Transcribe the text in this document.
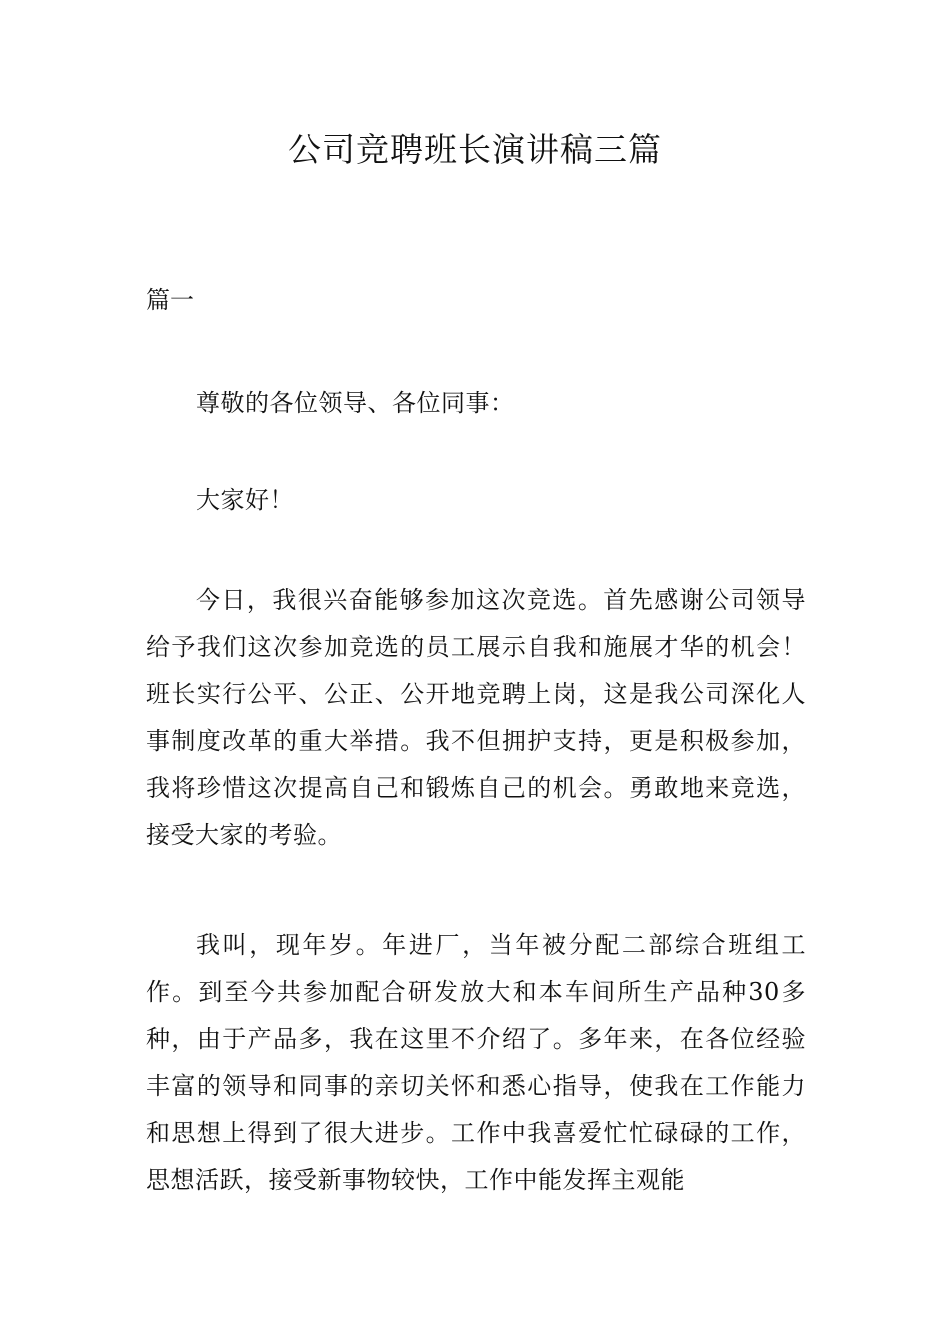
公司竞聘班长演讲稿三篇

篇一

尊敬的各位领导、各位同事：

大家好！

今日，我很兴奋能够参加这次竞选。首先感谢公司领导给予我们这次参加竞选的员工展示自我和施展才华的机会！班长实行公平、公正、公开地竞聘上岗，这是我公司深化人事制度改革的重大举措。我不但拥护支持，更是积极参加，我将珍惜这次提高自己和锻炼自己的机会。勇敢地来竞选，接受大家的考验。

我叫，现年岁。年进厂，当年被分配二部综合班组工作。到至今共参加配合研发放大和本车间所生产品种30多种，由于产品多，我在这里不介绍了。多年来，在各位经验丰富的领导和同事的亲切关怀和悉心指导，使我在工作能力和思想上得到了很大进步。工作中我喜爱忙忙碌碌的工作，思想活跃，接受新事物较快，工作中能发挥主观能
